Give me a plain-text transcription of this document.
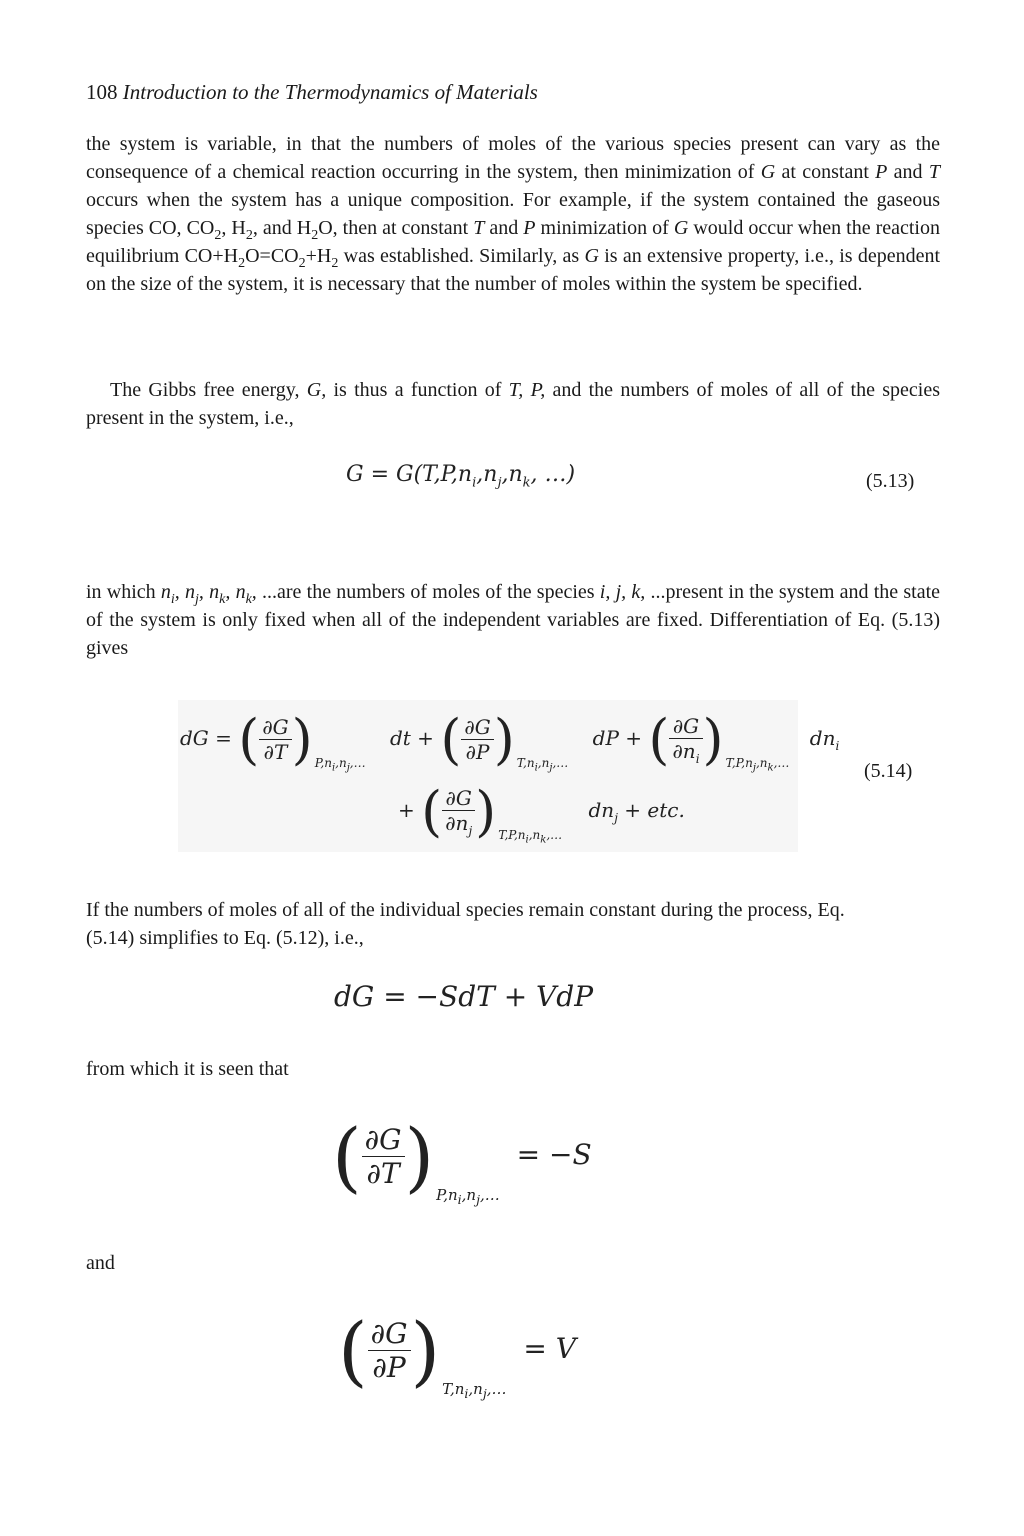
108 Introduction to the Thermodynamics of Materials

the system is variable, in that the numbers of moles of the various species present can vary as the consequence of a chemical reaction occurring in the system, then minimization of G at constant P and T occurs when the system has a unique composition. For example, if the system contained the gaseous species CO, $CO_2$, $H_2$, and $H_2O$, then at constant T and P minimization of G would occur when the reaction equilibrium $CO+H_2O=CO_2+H_2$ was established. Similarly, as G is an extensive property, i.e., is dependent on the size of the system, it is necessary that the number of moles within the system be specified.

The Gibbs free energy, G, is thus a function of T, P, and the numbers of moles of all of the species present in the system, i.e.,

$G = G(T,P,n_i,n_j,n_k$, …)	(5.13)

in which $n_i$, $n_j$, $n_k$, $n_k$, ...are the numbers of moles of the species i, j, k, ...present in the system and the state of the system is only fixed when all of the independent variables are fixed. Differentiation of Eq. (5.13) gives

dG = ( $\frac{\partial G}{\partial T}$ ) $P,n_i,n_j,\dots$ dt + ( $\frac{\partial G}{\partial P}$ ) $T,n_i,n_j,\dots$ dP + ( $\frac{\partial G}{\partial n_i}$ ) $T,P,n_j,n_k,\dots$ $dn_i$
+ ( $\frac{\partial G}{\partial n_j}$ ) $T,P,n_i,n_k,\dots$ $dn_j$ + etc.
(5.14)

If the numbers of moles of all of the individual species remain constant during the process, Eq. (5.14) simplifies to Eq. (5.12), i.e.,

dG = −SdT + VdP

from which it is seen that

( $\frac{\partial G}{\partial T}$ ) $P,n_i,n_j,\dots = -S$

and

( $\frac{\partial G}{\partial P}$ ) $T,n_i,n_j,\dots = V$
